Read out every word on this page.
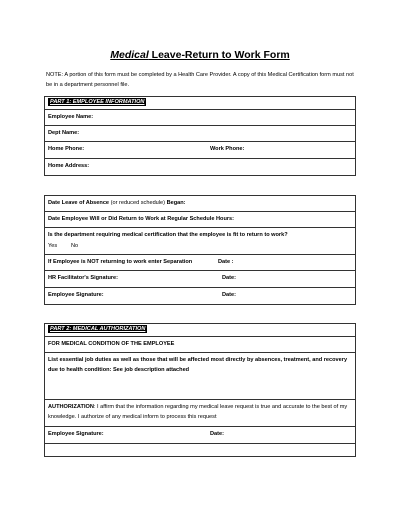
Medical Leave-Return to Work Form
NOTE: A portion of this form must be completed by a Health Care Provider. A copy of this Medical Certification form must not be in a department personnel file.
PART 1: EMPLOYEE INFORMATION
Employee Name:
Dept Name:
Home Phone:	Work Phone:
Home Address:
Date Leave of Absence (or reduced schedule) Began:
Date Employee Will or Did Return to Work at Regular Schedule Hours:
Is the department requiring medical certification that the employee is fit to return to work?
Yes No
If Employee is NOT returning to work enter Separation	Date :
HR Facilitator's Signature:	Date:
Employee Signature:	Date:
PART 2: MEDICAL AUTHORIZATION
FOR MEDICAL CONDITION OF THE EMPLOYEE
List essential job duties as well as those that will be affected most directly by absences, treatment, and recovery due to health condition: See job description attached
AUTHORIZATION: I affirm that the information regarding my medical leave request is true and accurate to the best of my knowledge. I authorize of any medical inform to process this request
Employee Signature:	Date:
